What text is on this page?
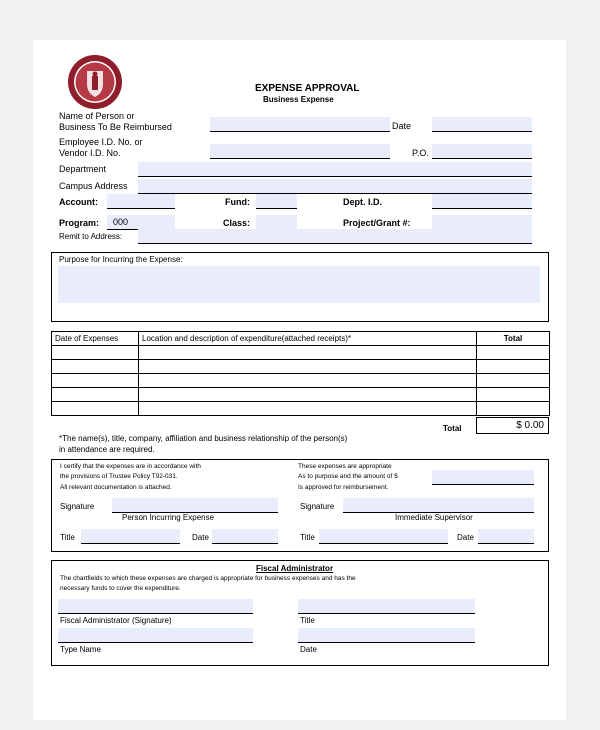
EXPENSE APPROVAL
Business Expense
Name of Person or
Business To Be Reimbursed	Date
Employee I.D. No. or
Vendor I.D. No.	P.O.
Department
Campus Address
Account:	Fund:	Dept. I.D.
Program: 000	Class:	Project/Grant #:
Remit to Address:
Purpose for Incurring the Expense:
Date of Expenses	Location and description of expenditure(attached receipts)*	Total

Total	$ 0.00
*The name(s), title, company, affiliation and business relationship of the person(s)
in attendance are required.
I certify that the expenses are in accordance with
the provisions of Trustee Policy T92-031.
All relevant documentation is attached.
These expenses are appropriate
As to purpose and the amount of $
Is approved for reimbursement.
Signature
Person Incurring Expense
Signature
Immediate Supervisor
Title	Date	Title	Date
Fiscal Administrator
The chartfields to which these expenses are charged is appropriate for business expenses and has the
necessary funds to cover the expenditure.
Fiscal Administrator (Signature)	Title
Type Name	Date
